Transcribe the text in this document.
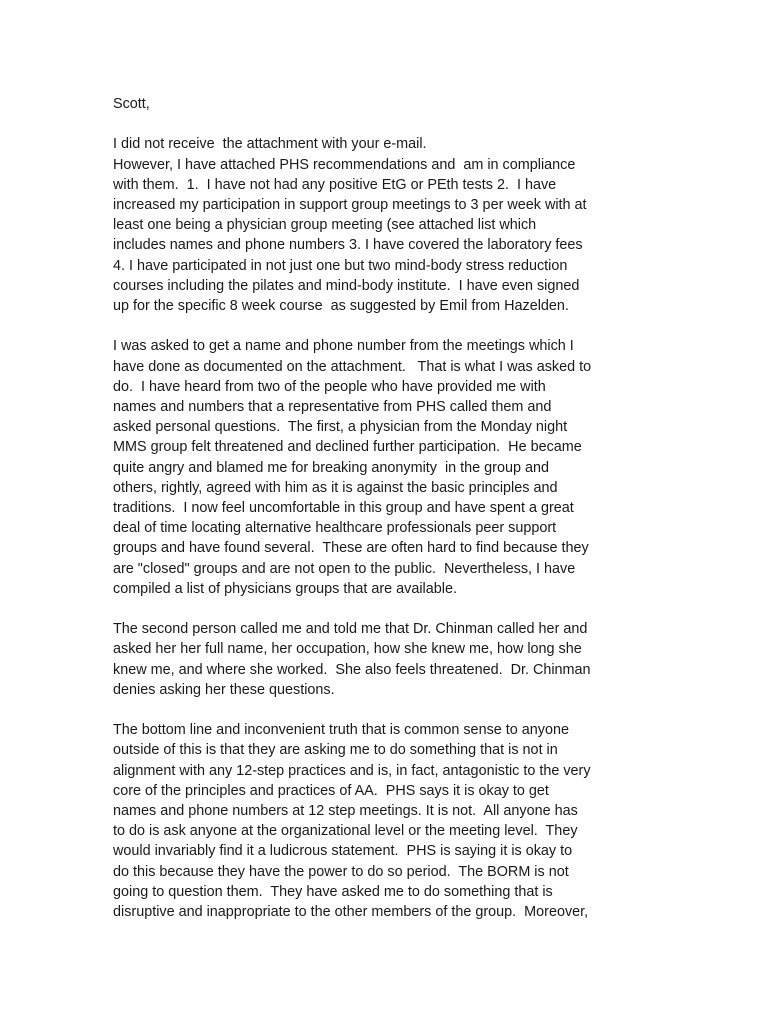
Scott,
I did not receive  the attachment with your e-mail.
However, I have attached PHS recommendations and  am in compliance
with them.  1.  I have not had any positive EtG or PEth tests 2.  I have
increased my participation in support group meetings to 3 per week with at
least one being a physician group meeting (see attached list which
includes names and phone numbers 3. I have covered the laboratory fees
4. I have participated in not just one but two mind-body stress reduction
courses including the pilates and mind-body institute.  I have even signed
up for the specific 8 week course  as suggested by Emil from Hazelden.
I was asked to get a name and phone number from the meetings which I
have done as documented on the attachment.   That is what I was asked to
do.  I have heard from two of the people who have provided me with
names and numbers that a representative from PHS called them and
asked personal questions.  The first, a physician from the Monday night
MMS group felt threatened and declined further participation.  He became
quite angry and blamed me for breaking anonymity  in the group and
others, rightly, agreed with him as it is against the basic principles and
traditions.  I now feel uncomfortable in this group and have spent a great
deal of time locating alternative healthcare professionals peer support
groups and have found several.  These are often hard to find because they
are "closed" groups and are not open to the public.  Nevertheless, I have
compiled a list of physicians groups that are available.
The second person called me and told me that Dr. Chinman called her and
asked her her full name, her occupation, how she knew me, how long she
knew me, and where she worked.  She also feels threatened.  Dr. Chinman
denies asking her these questions.
The bottom line and inconvenient truth that is common sense to anyone
outside of this is that they are asking me to do something that is not in
alignment with any 12-step practices and is, in fact, antagonistic to the very
core of the principles and practices of AA.  PHS says it is okay to get
names and phone numbers at 12 step meetings. It is not.  All anyone has
to do is ask anyone at the organizational level or the meeting level.  They
would invariably find it a ludicrous statement.  PHS is saying it is okay to
do this because they have the power to do so period.  The BORM is not
going to question them.  They have asked me to do something that is
disruptive and inappropriate to the other members of the group.  Moreover,
